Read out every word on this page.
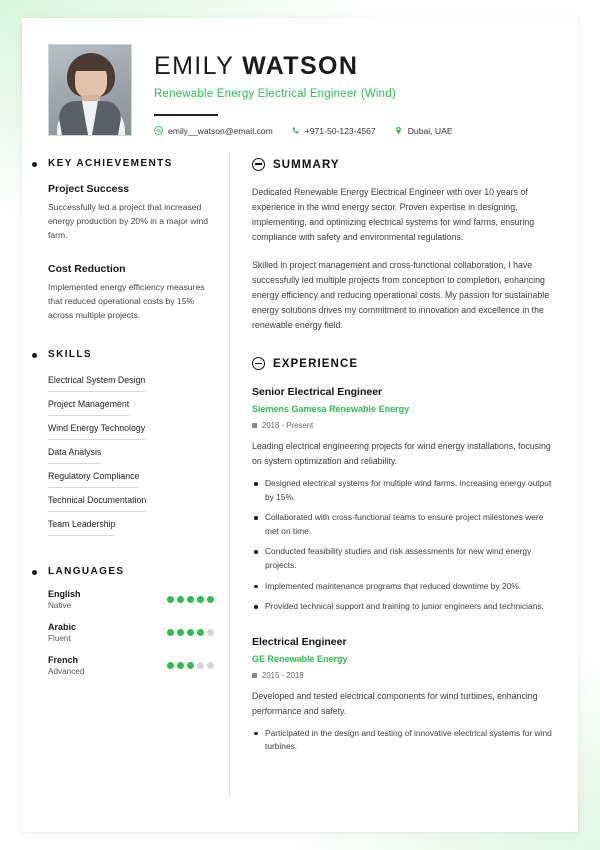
EMILY WATSON
Renewable Energy Electrical Engineer (Wind)
emily__watson@email.com	+971-50-123-4567	Dubai, UAE
KEY ACHIEVEMENTS
Project Success
Successfully led a project that increased energy production by 20% in a major wind farm.
Cost Reduction
Implemented energy efficiency measures that reduced operational costs by 15% across multiple projects.
SKILLS
Electrical System Design
Project Management
Wind Energy Technology
Data Analysis
Regulatory Compliance
Technical Documentation
Team Leadership
LANGUAGES
English
Native
Arabic
Fluent
French
Advanced
SUMMARY

Dedicated Renewable Energy Electrical Engineer with over 10 years of experience in the wind energy sector. Proven expertise in designing, implementing, and optimizing electrical systems for wind farms, ensuring compliance with safety and environmental regulations.

Skilled in project management and cross-functional collaboration, I have successfully led multiple projects from conception to completion, enhancing energy efficiency and reducing operational costs. My passion for sustainable energy solutions drives my commitment to innovation and excellence in the renewable energy field.

EXPERIENCE
Senior Electrical Engineer
Siemens Gamesa Renewable Energy
2018 - Present
Leading electrical engineering projects for wind energy installations, focusing on system optimization and reliability.
Designed electrical systems for multiple wind farms, increasing energy output by 15%.
Collaborated with cross-functional teams to ensure project milestones were met on time.
Conducted feasibility studies and risk assessments for new wind energy projects.
Implemented maintenance programs that reduced downtime by 20%.
Provided technical support and training to junior engineers and technicians.
Electrical Engineer
GE Renewable Energy
2015 - 2018
Developed and tested electrical components for wind turbines, enhancing performance and safety.
Participated in the design and testing of innovative electrical systems for wind turbines.
